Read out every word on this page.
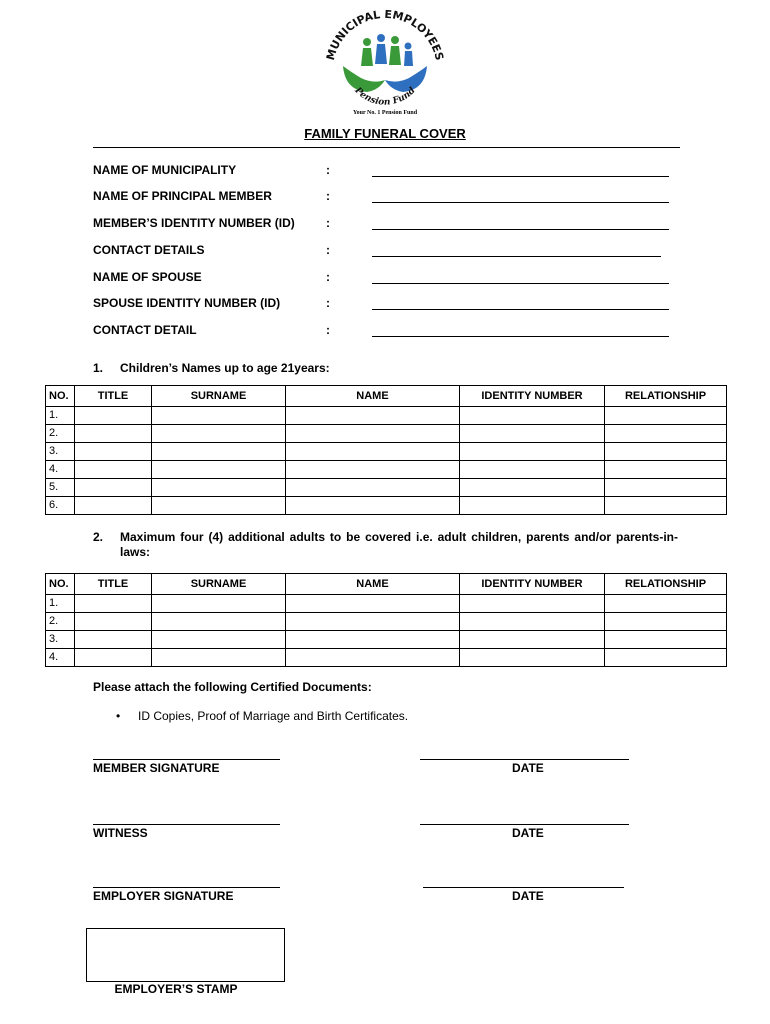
MUNICIPAL EMPLOYEES
Pension Fund
Your No. 1 Pension Fund
FAMILY FUNERAL COVER
NAME OF MUNICIPALITY	:
NAME OF PRINCIPAL MEMBER	:
MEMBER’S IDENTITY NUMBER (ID)	:
CONTACT DETAILS	:
NAME OF SPOUSE	:
SPOUSE IDENTITY NUMBER (ID)	:
CONTACT DETAIL	:
1. Children’s Names up to age 21years:
NO.	TITLE	SURNAME	NAME	IDENTITY NUMBER	RELATIONSHIP
1.					
2.					
3.					
4.					
5.					
6.					
2. Maximum four (4) additional adults to be covered i.e. adult children, parents and/or parents-in-laws:
NO.	TITLE	SURNAME	NAME	IDENTITY NUMBER	RELATIONSHIP
1.					
2.					
3.					
4.					
Please attach the following Certified Documents:
• ID Copies, Proof of Marriage and Birth Certificates.
MEMBER SIGNATURE	DATE
WITNESS	DATE
EMPLOYER SIGNATURE	DATE
EMPLOYER’S STAMP
